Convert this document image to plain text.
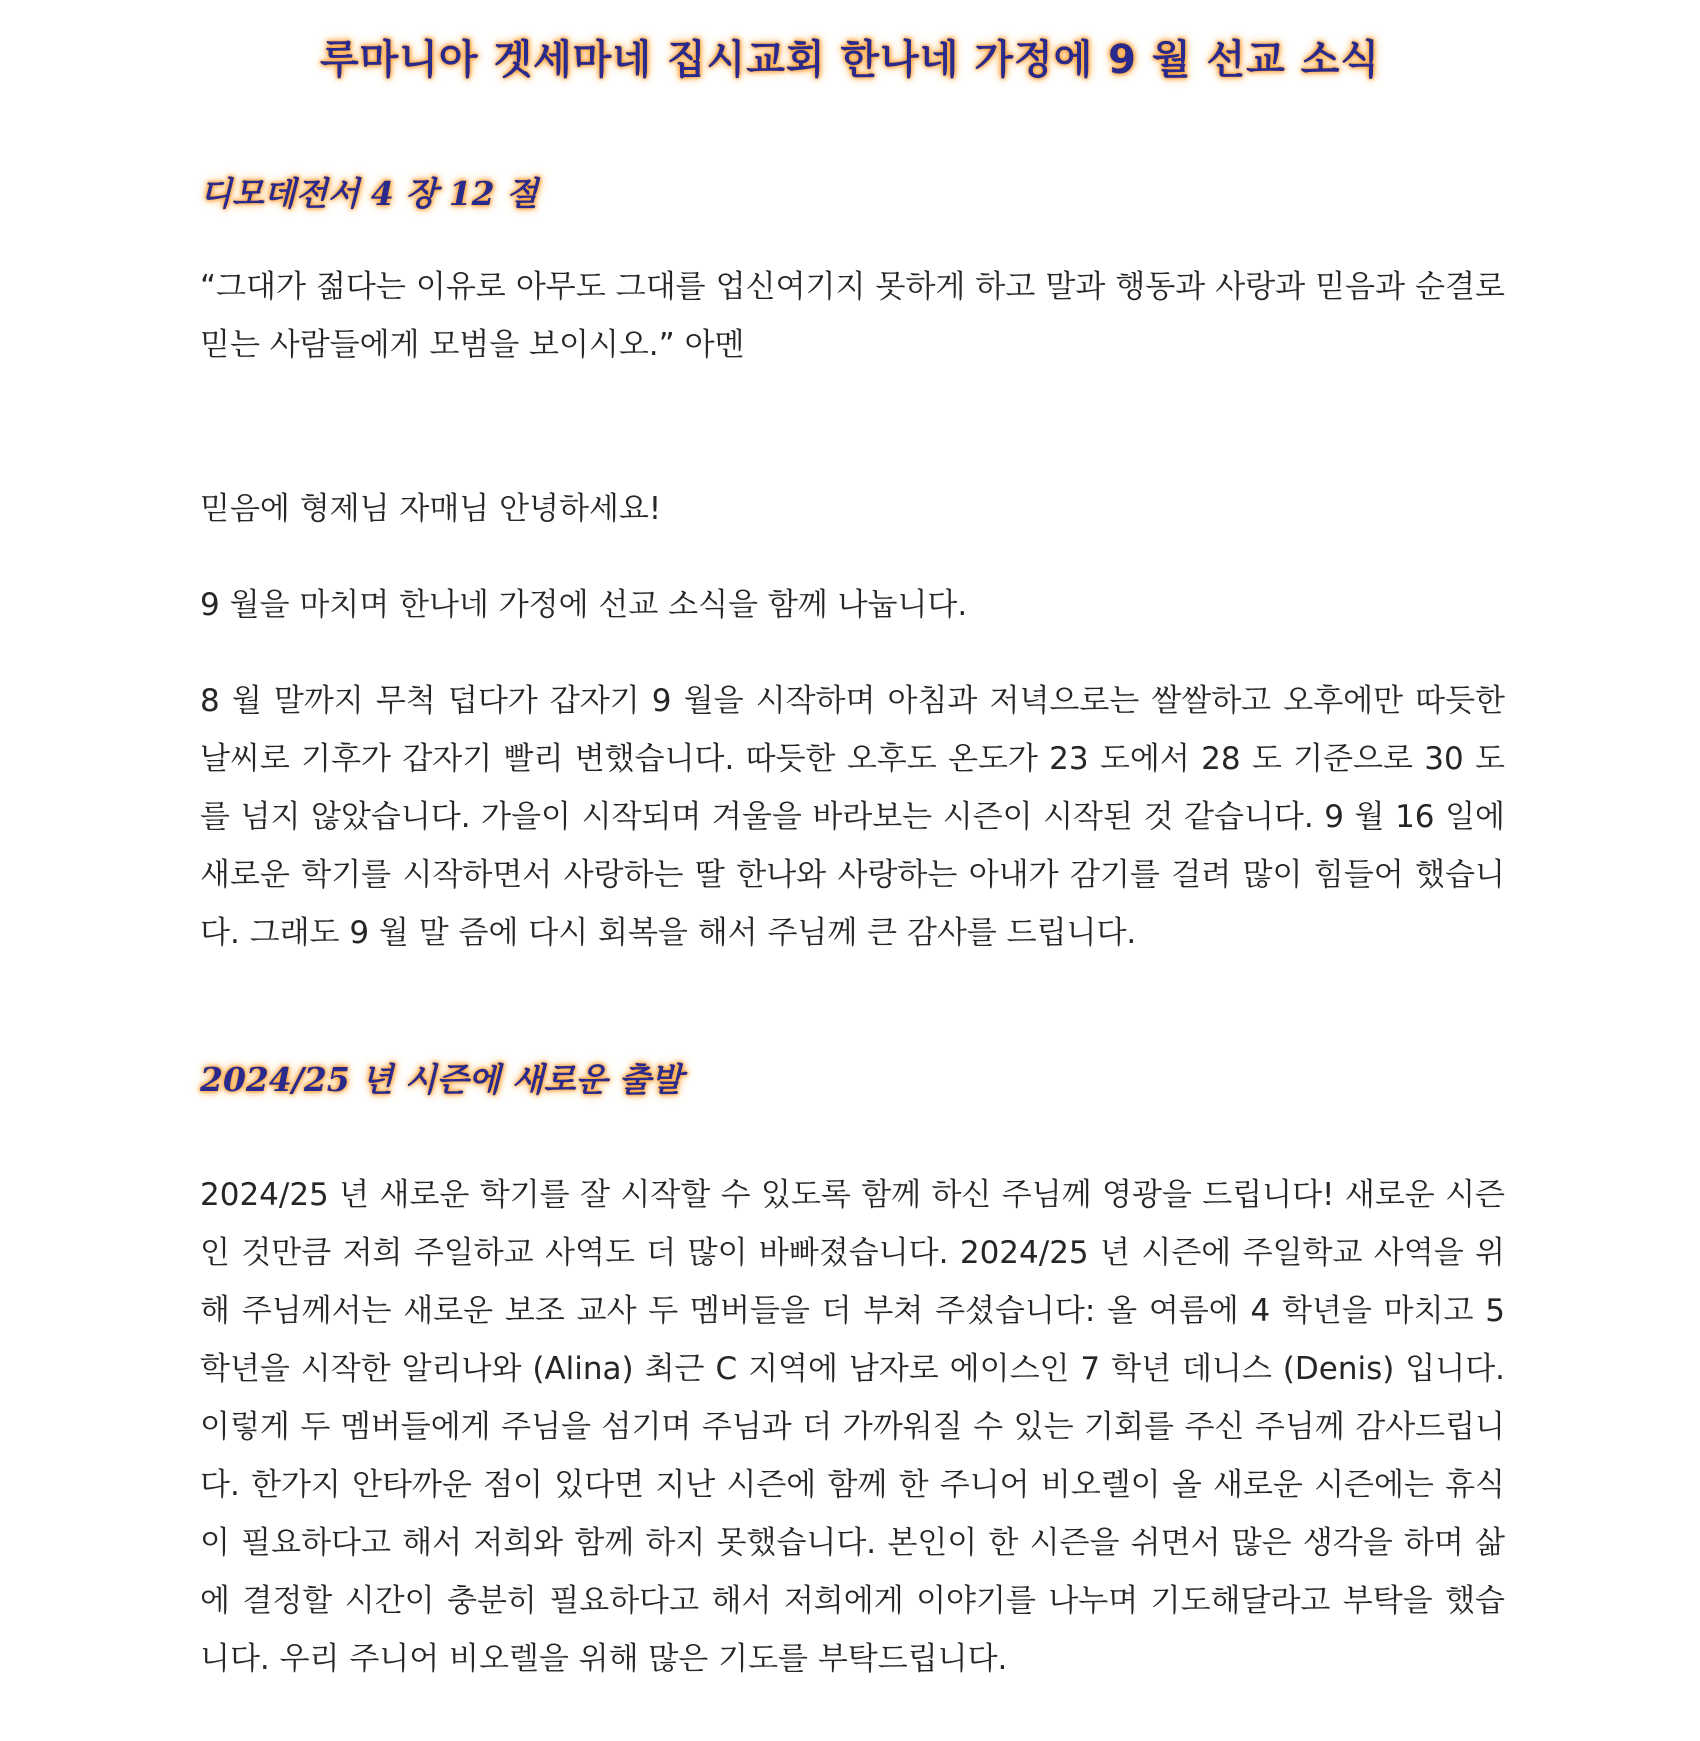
루마니아 겟세마네 집시교회 한나네 가정에 9 월 선교 소식
디모데전서 4 장 12 절

“그대가 젊다는 이유로 아무도 그대를 업신여기지 못하게 하고 말과 행동과 사랑과 믿음과 순결로 믿는 사람들에게 모범을 보이시오.” 아멘

믿음에 형제님 자매님 안녕하세요!

9 월을 마치며 한나네 가정에 선교 소식을 함께 나눕니다.

8 월 말까지 무척 덥다가 갑자기 9 월을 시작하며 아침과 저녁으로는 쌀쌀하고 오후에만 따듯한 날씨로 기후가 갑자기 빨리 변했습니다. 따듯한 오후도 온도가 23 도에서 28 도 기준으로 30 도를 넘지 않았습니다. 가을이 시작되며 겨울을 바라보는 시즌이 시작된 것 같습니다. 9 월 16 일에 새로운 학기를 시작하면서 사랑하는 딸 한나와 사랑하는 아내가 감기를 걸려 많이 힘들어 했습니다. 그래도 9 월 말 즘에 다시 회복을 해서 주님께 큰 감사를 드립니다.

2024/25 년 시즌에 새로운 출발

2024/25 년 새로운 학기를 잘 시작할 수 있도록 함께 하신 주님께 영광을 드립니다! 새로운 시즌인 것만큼 저희 주일하교 사역도 더 많이 바빠졌습니다. 2024/25 년 시즌에 주일학교 사역을 위해 주님께서는 새로운 보조 교사 두 멤버들을 더 부쳐 주셨습니다: 올 여름에 4 학년을 마치고 5 학년을 시작한 알리나와 (Alina) 최근 C 지역에 남자로 에이스인 7 학년 데니스 (Denis) 입니다. 이렇게 두 멤버들에게 주님을 섬기며 주님과 더 가까워질 수 있는 기회를 주신 주님께 감사드립니다. 한가지 안타까운 점이 있다면 지난 시즌에 함께 한 주니어 비오렐이 올 새로운 시즌에는 휴식이 필요하다고 해서 저희와 함께 하지 못했습니다. 본인이 한 시즌을 쉬면서 많은 생각을 하며 삶에 결정할 시간이 충분히 필요하다고 해서 저희에게 이야기를 나누며 기도해달라고 부탁을 했습니다. 우리 주니어 비오렐을 위해 많은 기도를 부탁드립니다.
